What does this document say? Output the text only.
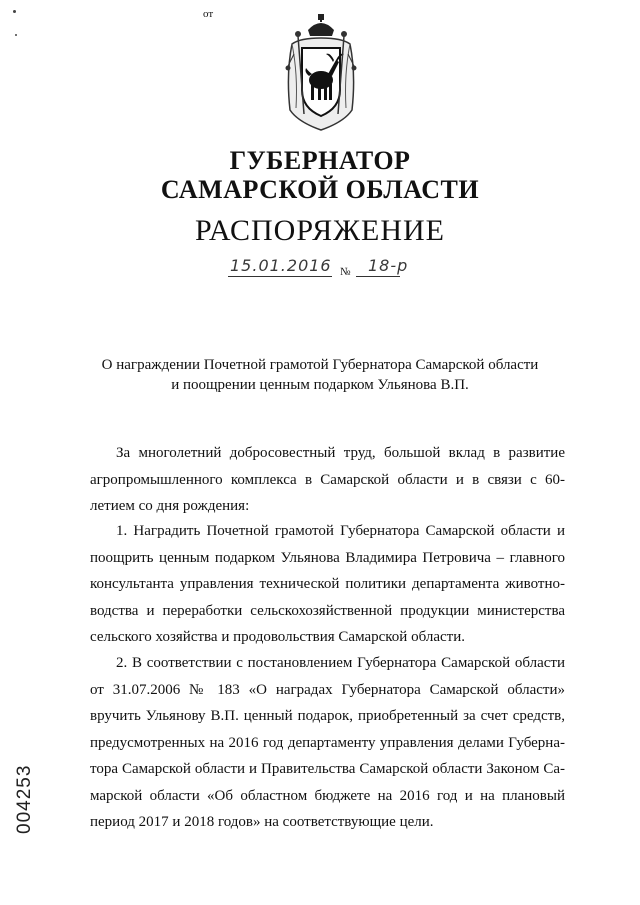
ГУБЕРНАТОР
САМАРСКОЙ ОБЛАСТИ
РАСПОРЯЖЕНИЕ
от
15.01.2016 № 18-р
О награждении Почетной грамотой Губернатора Самарской области
и поощрении ценным подарком Ульянова В.П.

За многолетний добросовестный труд, большой вклад в развитие агропромышленного комплекса в Самарской области и в связи с 60-летием со дня рождения:

1. Наградить Почетной грамотой Губернатора Самарской области и поощрить ценным подарком Ульянова Владимира Петровича – главного консультанта управления технической политики департамента животноводства и переработки сельскохозяйственной продукции министерства сельского хозяйства и продовольствия Самарской области.

2. В соответствии с постановлением Губернатора Самарской области от 31.07.2006 № 183 «О наградах Губернатора Самарской области» вручить Ульянову В.П. ценный подарок, приобретенный за счет средств, предусмотренных на 2016 год департаменту управления делами Губернатора Самарской области и Правительства Самарской области Законом Самарской области «Об областном бюджете на 2016 год и на плановый период 2017 и 2018 годов» на соответствующие цели.

004253
